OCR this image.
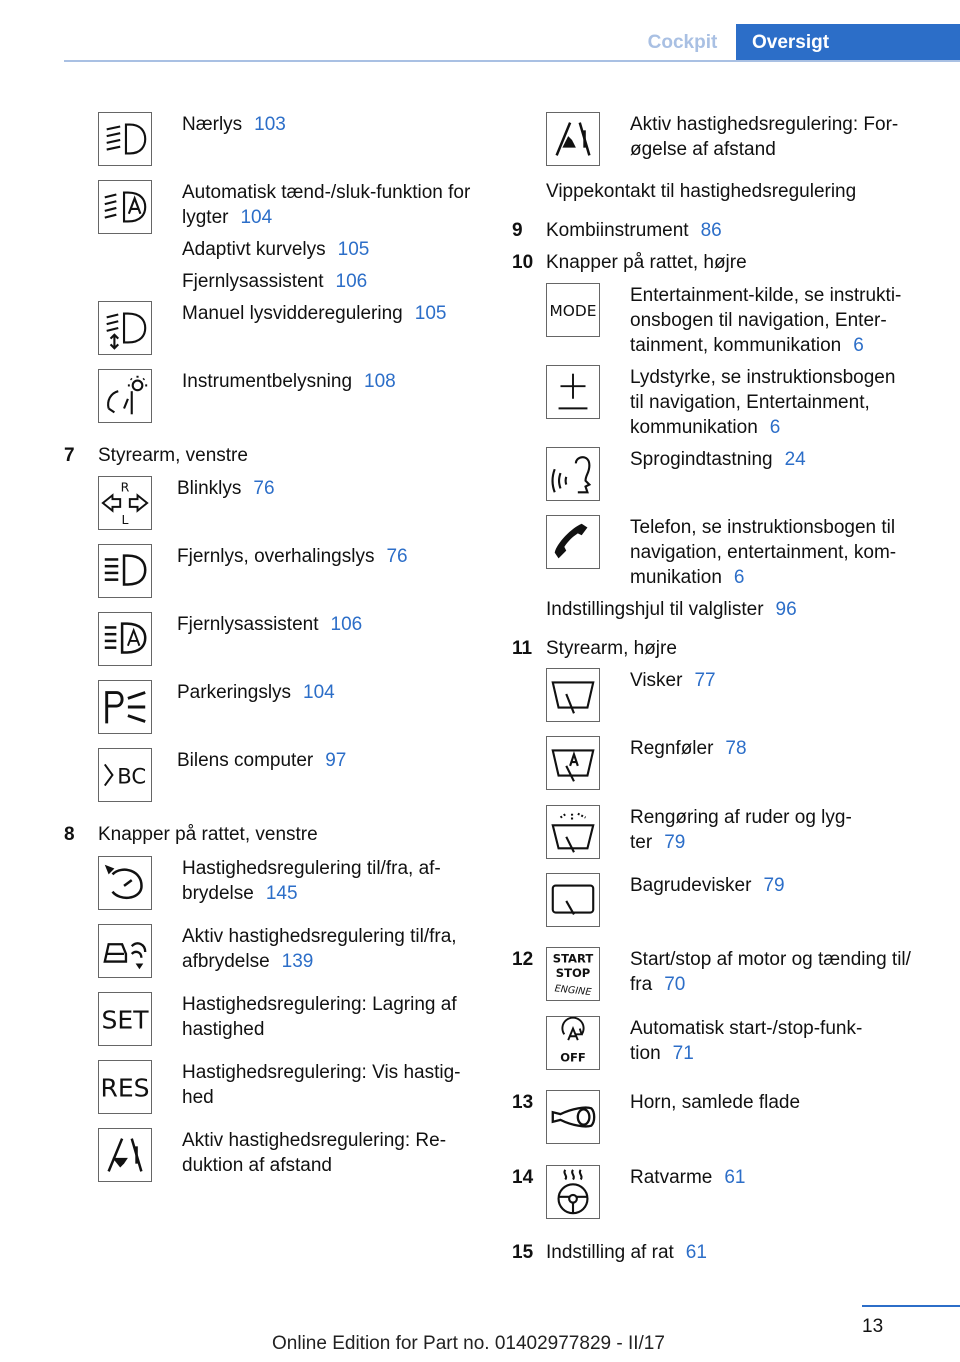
Cockpit	Oversigt
Nærlys 103
Automatisk tænd-/sluk-funktion for lygter 104
Adaptivt kurvelys 105
Fjernlysassistent 106
Manuel lysvidderegulering 105
Instrumentbelysning 108
7 Styrearm, venstre
R
L
Blinklys 76
Fjernlys, overhalingslys 76
Fjernlysassistent 106
Parkeringslys 104
BC
Bilens computer 97
8 Knapper på rattet, venstre
Hastighedsregulering til/fra, af-
brydelse 145
Aktiv hastighedsregulering til/fra,
afbrydelse 139
SET
Hastighedsregulering: Lagring af
hastighed
RES
Hastighedsregulering: Vis hastig-
hed
Aktiv hastighedsregulering: Re-
duktion af afstand
Aktiv hastighedsregulering: For-
øgelse af afstand
Vippekontakt til hastighedsregulering
9 Kombiinstrument 86
10 Knapper på rattet, højre
MODE
Entertainment-kilde, se instrukti-
onsbogen til navigation, Enter-
tainment, kommunikation 6
Lydstyrke, se instruktionsbogen
til navigation, Entertainment,
kommunikation 6
Sprogindtastning 24
Telefon, se instruktionsbogen til
navigation, entertainment, kom-
munikation 6
Indstillingshjul til valglister 96
11 Styrearm, højre
Visker 77
Regnføler 78
Rengøring af ruder og lyg-
ter 79
Bagrudevisker 79
12 START
STOP
ENGINE
Start/stop af motor og tænding til/
fra 70
OFF
Automatisk start-/stop-funk-
tion 71
13	Horn, samlede flade
14	Ratvarme 61
15 Indstilling af rat 61
13
Online Edition for Part no. 01402977829 - II/17
